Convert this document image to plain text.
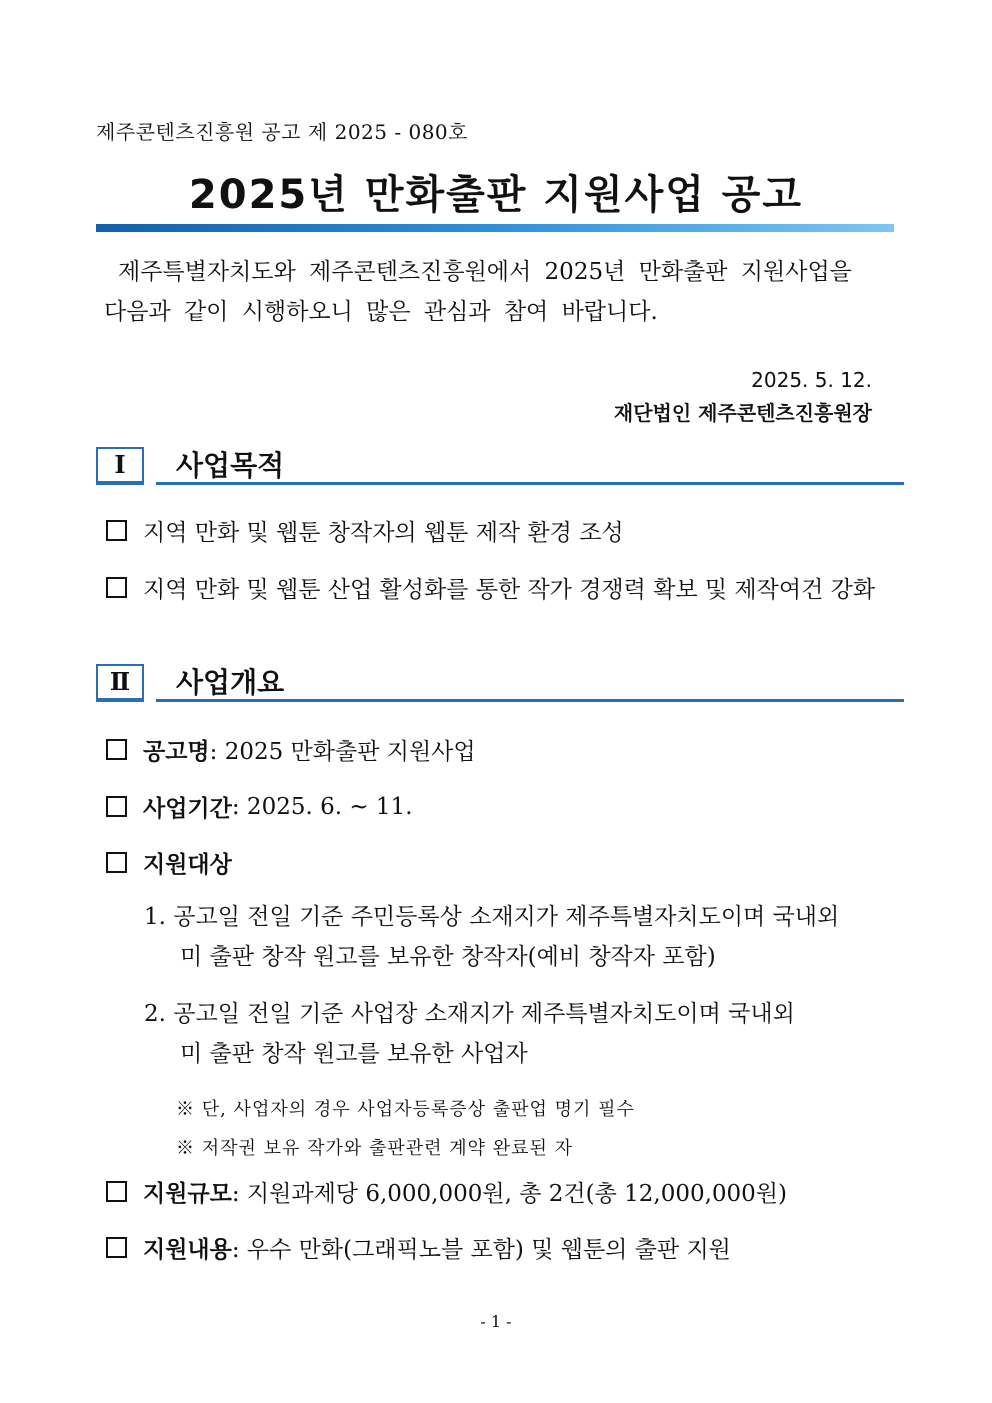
제주콘텐츠진흥원 공고 제 2025 - 080호
2025년 만화출판 지원사업 공고
제주특별자치도와 제주콘텐츠진흥원에서 2025년 만화출판 지원사업을
다음과 같이 시행하오니 많은 관심과 참여 바랍니다.
2025. 5. 12.
재단법인 제주콘텐츠진흥원장
Ⅰ	사업목적
지역 만화 및 웹툰 창작자의 웹툰 제작 환경 조성
지역 만화 및 웹툰 산업 활성화를 통한 작가 경쟁력 확보 및 제작여건 강화
Ⅱ	사업개요
공고명 : 2025 만화출판 지원사업
사업기간 : 2025. 6. ~ 11.
지원대상
1. 공고일 전일 기준 주민등록상 소재지가 제주특별자치도이며 국내외
미 출판 창작 원고를 보유한 창작자(예비 창작자 포함)
2. 공고일 전일 기준 사업장 소재지가 제주특별자치도이며 국내외
미 출판 창작 원고를 보유한 사업자
※ 단, 사업자의 경우 사업자등록증상 출판업 명기 필수
※ 저작권 보유 작가와 출판관련 계약 완료된 자
지원규모 : 지원과제당 6,000,000원, 총 2건(총 12,000,000원)
지원내용 : 우수 만화(그래픽노블 포함) 및 웹툰의 출판 지원
- 1 -
